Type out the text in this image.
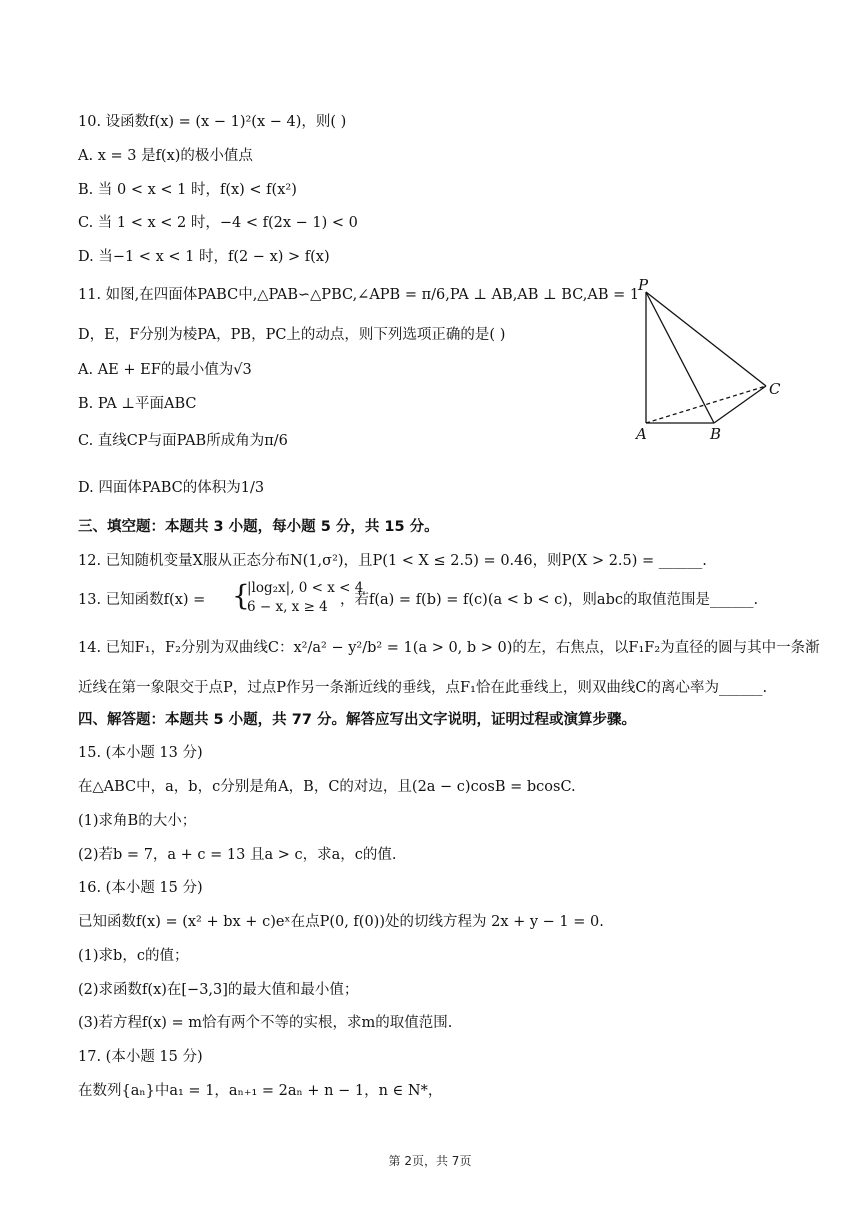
10. 设函数f(x) = (x − 1)²(x − 4)，则( )
A. x = 3 是f(x)的极小值点
B. 当 0 < x < 1 时，f(x) < f(x²)
C. 当 1 < x < 2 时，−4 < f(2x − 1) < 0
D. 当−1 < x < 1 时，f(2 − x) > f(x)
11. 如图,在四面体PABC中,△PAB∽△PBC,∠APB = π/6,PA ⊥ AB,AB ⊥ BC,AB = 1
D，E，F分别为棱PA，PB，PC上的动点，则下列选项正确的是( )
A. AE + EF的最小值为√3
B. PA ⊥平面ABC
C. 直线CP与面PAB所成角为π/6
D. 四面体PABC的体积为1/3
P
A	B
C
三、填空题：本题共 3 小题，每小题 5 分，共 15 分。
12. 已知随机变量X服从正态分布N(1,σ²)，且P(1 < X ≤ 2.5) = 0.46，则P(X > 2.5) = ______.
13. 已知函数f(x) = {
|log₂x|, 0 < x < 4
6 − x, x ≥ 4 ，若f(a) = f(b) = f(c)(a < b < c)，则abc的取值范围是______.
14. 已知F₁，F₂分别为双曲线C：x²/a² − y²/b² = 1(a > 0, b > 0)的左，右焦点，以F₁F₂为直径的圆与其中一条渐
近线在第一象限交于点P，过点P作另一条渐近线的垂线，点F₁恰在此垂线上，则双曲线C的离心率为______.
四、解答题：本题共 5 小题，共 77 分。解答应写出文字说明，证明过程或演算步骤。
15. (本小题 13 分)
在△ABC中，a，b，c分别是角A，B，C的对边，且(2a − c)cosB = bcosC.
(1)求角B的大小；
(2)若b = 7，a + c = 13 且a > c，求a，c的值.
16. (本小题 15 分)
已知函数f(x) = (x² + bx + c)eˣ在点P(0, f(0))处的切线方程为 2x + y − 1 = 0.
(1)求b，c的值；
(2)求函数f(x)在[−3,3]的最大值和最小值；
(3)若方程f(x) = m恰有两个不等的实根，求m的取值范围.
17. (本小题 15 分)
在数列{aₙ}中a₁ = 1，aₙ₊₁ = 2aₙ + n − 1，n ∈ N*，
第 2页，共 7页
